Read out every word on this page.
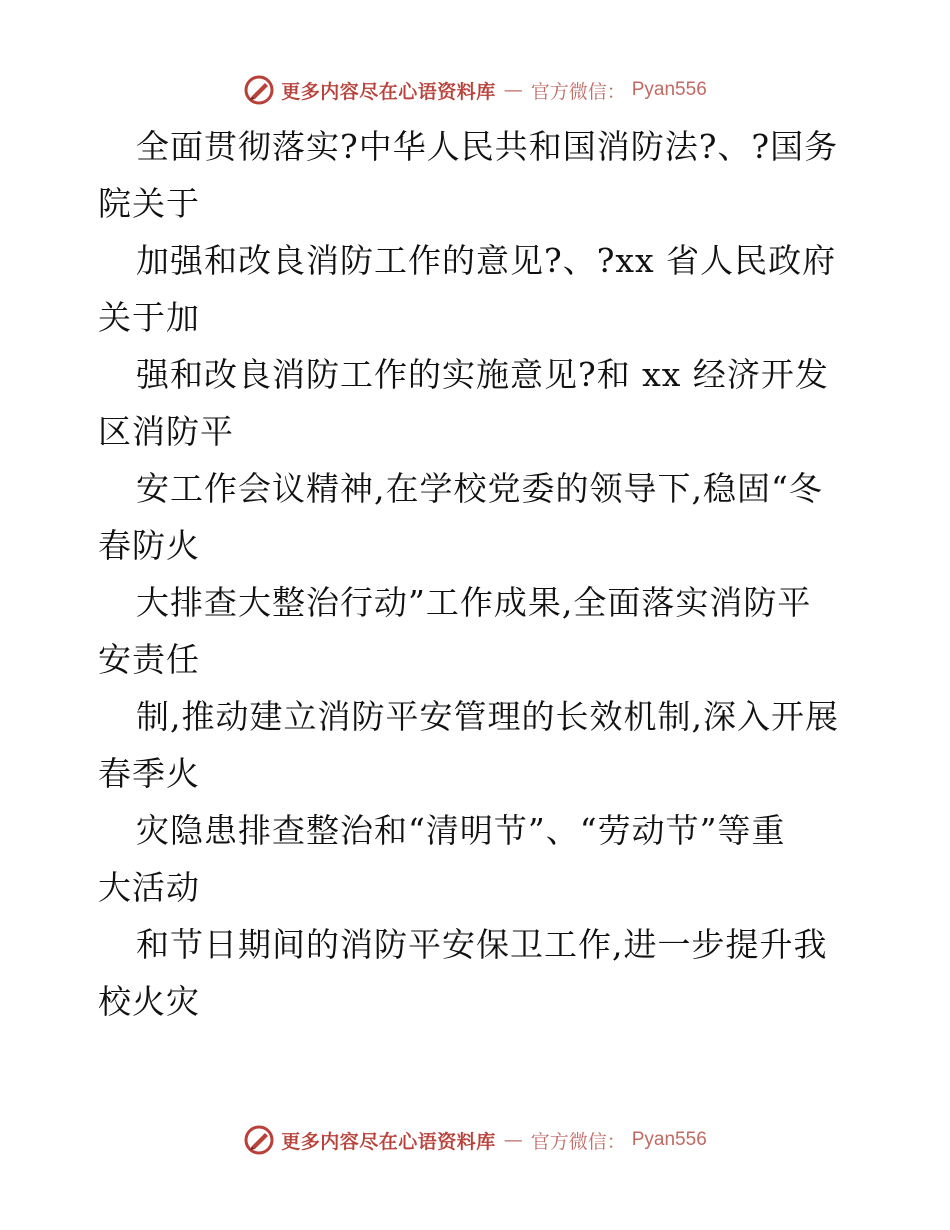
更多内容尽在心语资料库 — 官方微信： Pyan556
全面贯彻落实?中华人民共和国消防法?、?国务
院关于
加强和改良消防工作的意见?、?xx 省人民政府
关于加
强和改良消防工作的实施意见?和 xx 经济开发
区消防平
安工作会议精神,在学校党委的领导下,稳固“冬
春防火
大排查大整治行动”工作成果,全面落实消防平
安责任
制,推动建立消防平安管理的长效机制,深入开展
春季火
灾隐患排查整治和“清明节”、“劳动节”等重
大活动
和节日期间的消防平安保卫工作,进一步提升我
校火灾
更多内容尽在心语资料库 — 官方微信： Pyan556
